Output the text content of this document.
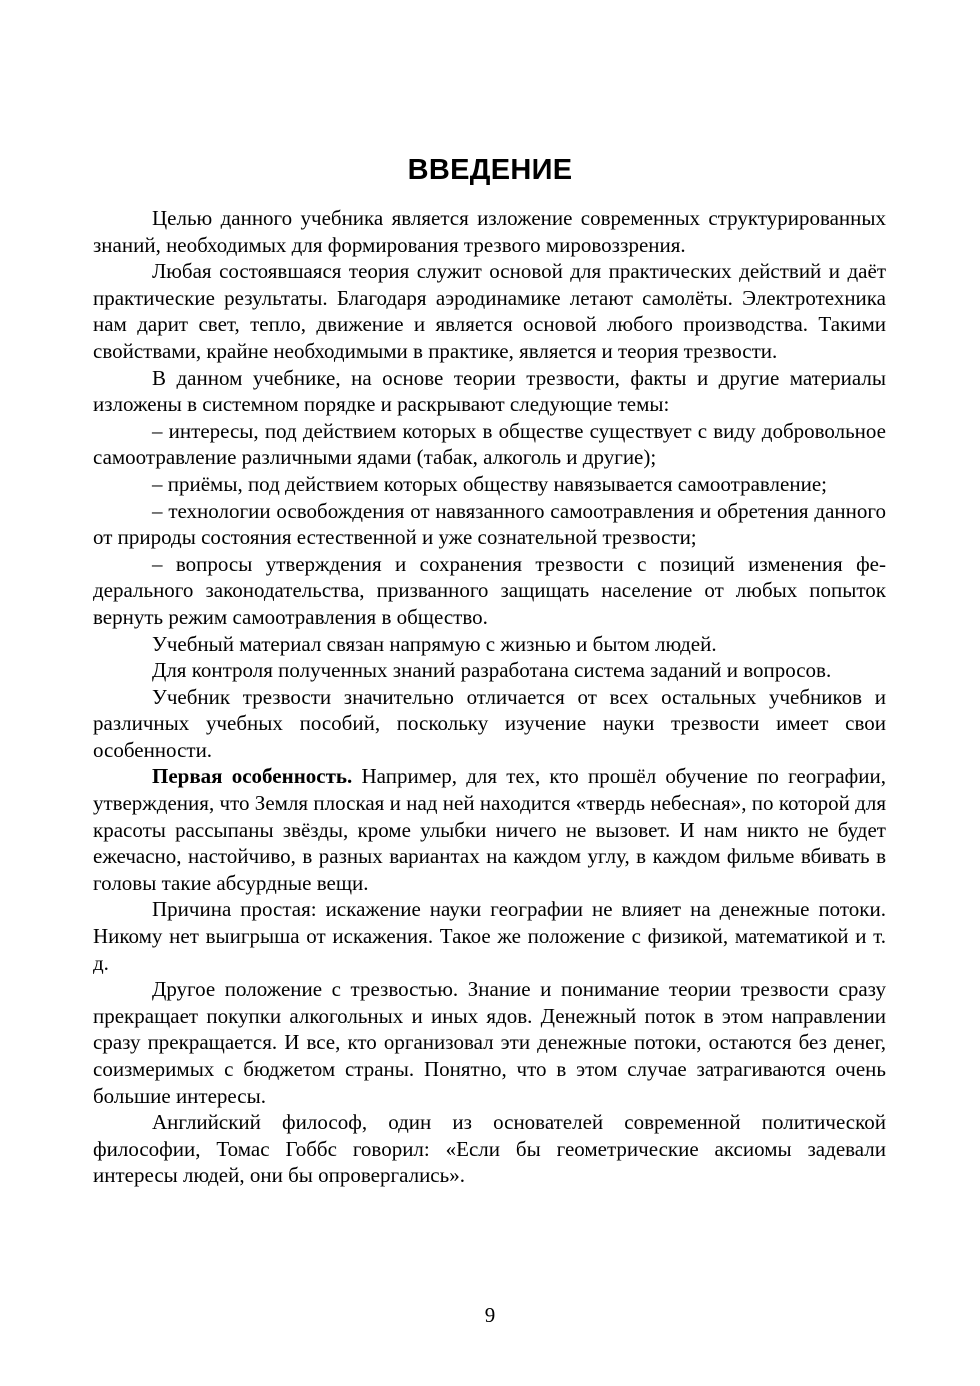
ВВЕДЕНИЕ

Целью данного учебника является изложение современных структурированных знаний, необходимых для формирования трезвого мировоззрения.

Любая состоявшаяся теория служит основой для практических действий и даёт практические результаты. Благодаря аэродинамике летают самолёты. Электротехника нам дарит свет, тепло, движение и является основой любого производства. Такими свойствами, крайне необходимыми в практике, является и теория трезвости.

В данном учебнике, на основе теории трезвости, факты и другие материалы изложены в системном порядке и раскрывают следующие темы:

– интересы, под действием которых в обществе существует с виду добровольное самоотравление различными ядами (табак, алкоголь и другие);

– приёмы, под действием которых обществу навязывается самоотравление;

– технологии освобождения от навязанного самоотравления и обретения данного от природы состояния естественной и уже сознательной трезвости;

– вопросы утверждения и сохранения трезвости с позиций изменения федерального законодательства, призванного защищать население от любых попыток вернуть режим самоотравления в общество.

Учебный материал связан напрямую с жизнью и бытом людей.

Для контроля полученных знаний разработана система заданий и вопросов.

Учебник трезвости значительно отличается от всех остальных учебников и различных учебных пособий, поскольку изучение науки трезвости имеет свои особенности.

Первая особенность. Например, для тех, кто прошёл обучение по географии, утверждения, что Земля плоская и над ней находится «твердь небесная», по которой для красоты рассыпаны звёзды, кроме улыбки ничего не вызовет. И нам никто не будет ежечасно, настойчиво, в разных вариантах на каждом углу, в каждом фильме вбивать в головы такие абсурдные вещи.

Причина простая: искажение науки географии не влияет на денежные потоки. Никому нет выигрыша от искажения. Такое же положение с физикой, математикой и т. д.

Другое положение с трезвостью. Знание и понимание теории трезвости сразу прекращает покупки алкогольных и иных ядов. Денежный поток в этом направлении сразу прекращается. И все, кто организовал эти денежные потоки, остаются без денег, соизмеримых с бюджетом страны. Понятно, что в этом случае затрагиваются очень большие интересы.

Английский философ, один из основателей современной политической философии, Томас Гоббс говорил: «Если бы геометрические аксиомы задевали интересы людей, они бы опровергались».

9
